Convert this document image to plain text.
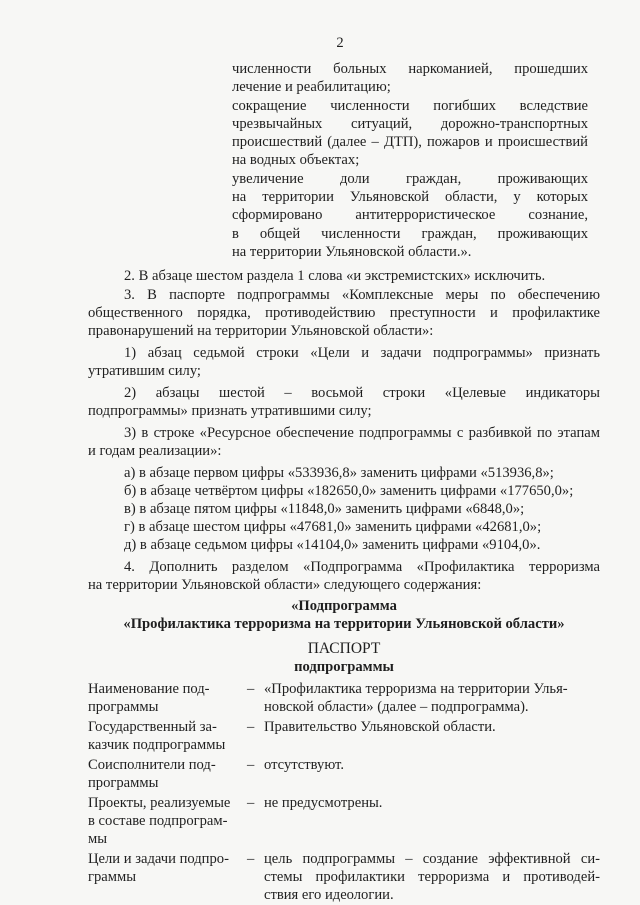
2
численности больных наркоманией, прошедших
лечение и реабилитацию;
сокращение численности погибших вследствие
чрезвычайных ситуаций, дорожно-транспортных
происшествий (далее – ДТП), пожаров и происшествий
на водных объектах;
увеличение доли граждан, проживающих
на территории Ульяновской области, у которых
сформировано антитеррористическое сознание,
в общей численности граждан, проживающих
на территории Ульяновской области.».
2. В абзаце шестом раздела 1 слова «и экстремистских» исключить.
3. В паспорте подпрограммы «Комплексные меры по обеспечению
общественного порядка, противодействию преступности и профилактике
правонарушений на территории Ульяновской области»:
1) абзац седьмой строки «Цели и задачи подпрограммы» признать
утратившим силу;
2) абзацы шестой – восьмой строки «Целевые индикаторы
подпрограммы» признать утратившими силу;
3) в строке «Ресурсное обеспечение подпрограммы с разбивкой по этапам
и годам реализации»:
а) в абзаце первом цифры «533936,8» заменить цифрами «513936,8»;
б) в абзаце четвёртом цифры «182650,0» заменить цифрами «177650,0»;
в) в абзаце пятом цифры «11848,0» заменить цифрами «6848,0»;
г) в абзаце шестом цифры «47681,0» заменить цифрами «42681,0»;
д) в абзаце седьмом цифры «14104,0» заменить цифрами «9104,0».
4. Дополнить разделом «Подпрограмма «Профилактика терроризма
на территории Ульяновской области» следующего содержания:
«Подпрограмма
«Профилактика терроризма на территории Ульяновской области»
ПАСПОРТ
подпрограммы
Наименование под-
программы
– «Профилактика терроризма на территории Улья-
новской области» (далее – подпрограмма).
Государственный за-
казчик подпрограммы
– Правительство Ульяновской области.
Соисполнители под-
программы
– отсутствуют.
Проекты, реализуемые
в составе подпрограм-
мы
– не предусмотрены.
Цели и задачи подпро-
граммы
– цель подпрограммы – создание эффективной си-
стемы профилактики терроризма и противодей-
ствия его идеологии.
